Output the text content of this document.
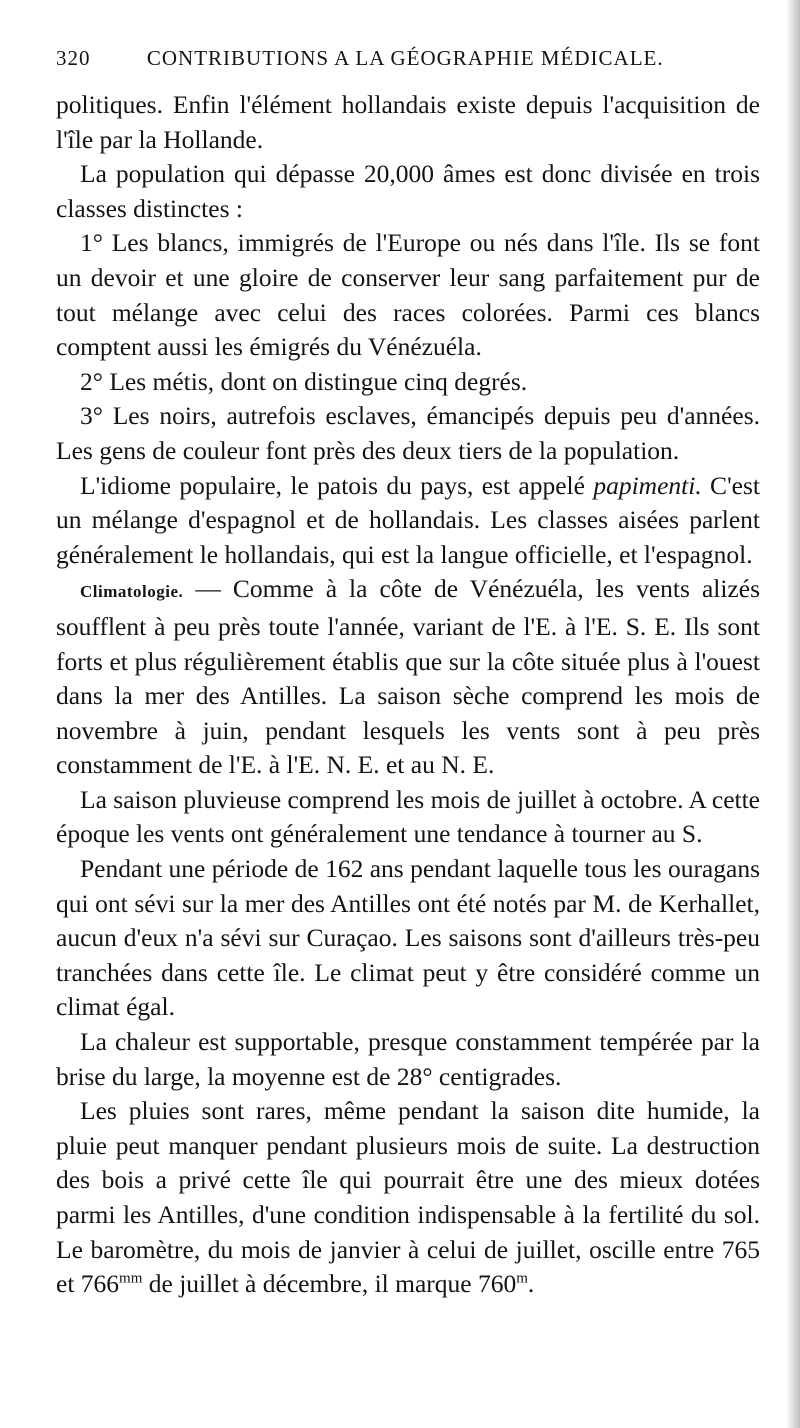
320	CONTRIBUTIONS A LA GÉOGRAPHIE MÉDICALE.

politiques. Enfin l'élément hollandais existe depuis l'acquisition de l'île par la Hollande.

La population qui dépasse 20,000 âmes est donc divisée en trois classes distinctes :

1° Les blancs, immigrés de l'Europe ou nés dans l'île. Ils se font un devoir et une gloire de conserver leur sang parfaitement pur de tout mélange avec celui des races colorées. Parmi ces blancs comptent aussi les émigrés du Vénézuéla.

2° Les métis, dont on distingue cinq degrés.

3° Les noirs, autrefois esclaves, émancipés depuis peu d'années. Les gens de couleur font près des deux tiers de la population.

L'idiome populaire, le patois du pays, est appelé papimenti. C'est un mélange d'espagnol et de hollandais. Les classes aisées parlent généralement le hollandais, qui est la langue officielle, et l'espagnol.

Climatologie. — Comme à la côte de Vénézuéla, les vents alizés soufflent à peu près toute l'année, variant de l'E. à l'E. S. E. Ils sont forts et plus régulièrement établis que sur la côte située plus à l'ouest dans la mer des Antilles. La saison sèche comprend les mois de novembre à juin, pendant lesquels les vents sont à peu près constamment de l'E. à l'E. N. E. et au N. E.

La saison pluvieuse comprend les mois de juillet à octobre. A cette époque les vents ont généralement une tendance à tourner au S.

Pendant une période de 162 ans pendant laquelle tous les ouragans qui ont sévi sur la mer des Antilles ont été notés par M. de Kerhallet, aucun d'eux n'a sévi sur Curaçao. Les saisons sont d'ailleurs très-peu tranchées dans cette île. Le climat peut y être considéré comme un climat égal.

La chaleur est supportable, presque constamment tempérée par la brise du large, la moyenne est de 28° centigrades.

Les pluies sont rares, même pendant la saison dite humide, la pluie peut manquer pendant plusieurs mois de suite. La destruction des bois a privé cette île qui pourrait être une des mieux dotées parmi les Antilles, d'une condition indispensable à la fertilité du sol. Le baromètre, du mois de janvier à celui de juillet, oscille entre 765 et $766^{mm}$ de juillet à décembre, il marque 760$^m$.
